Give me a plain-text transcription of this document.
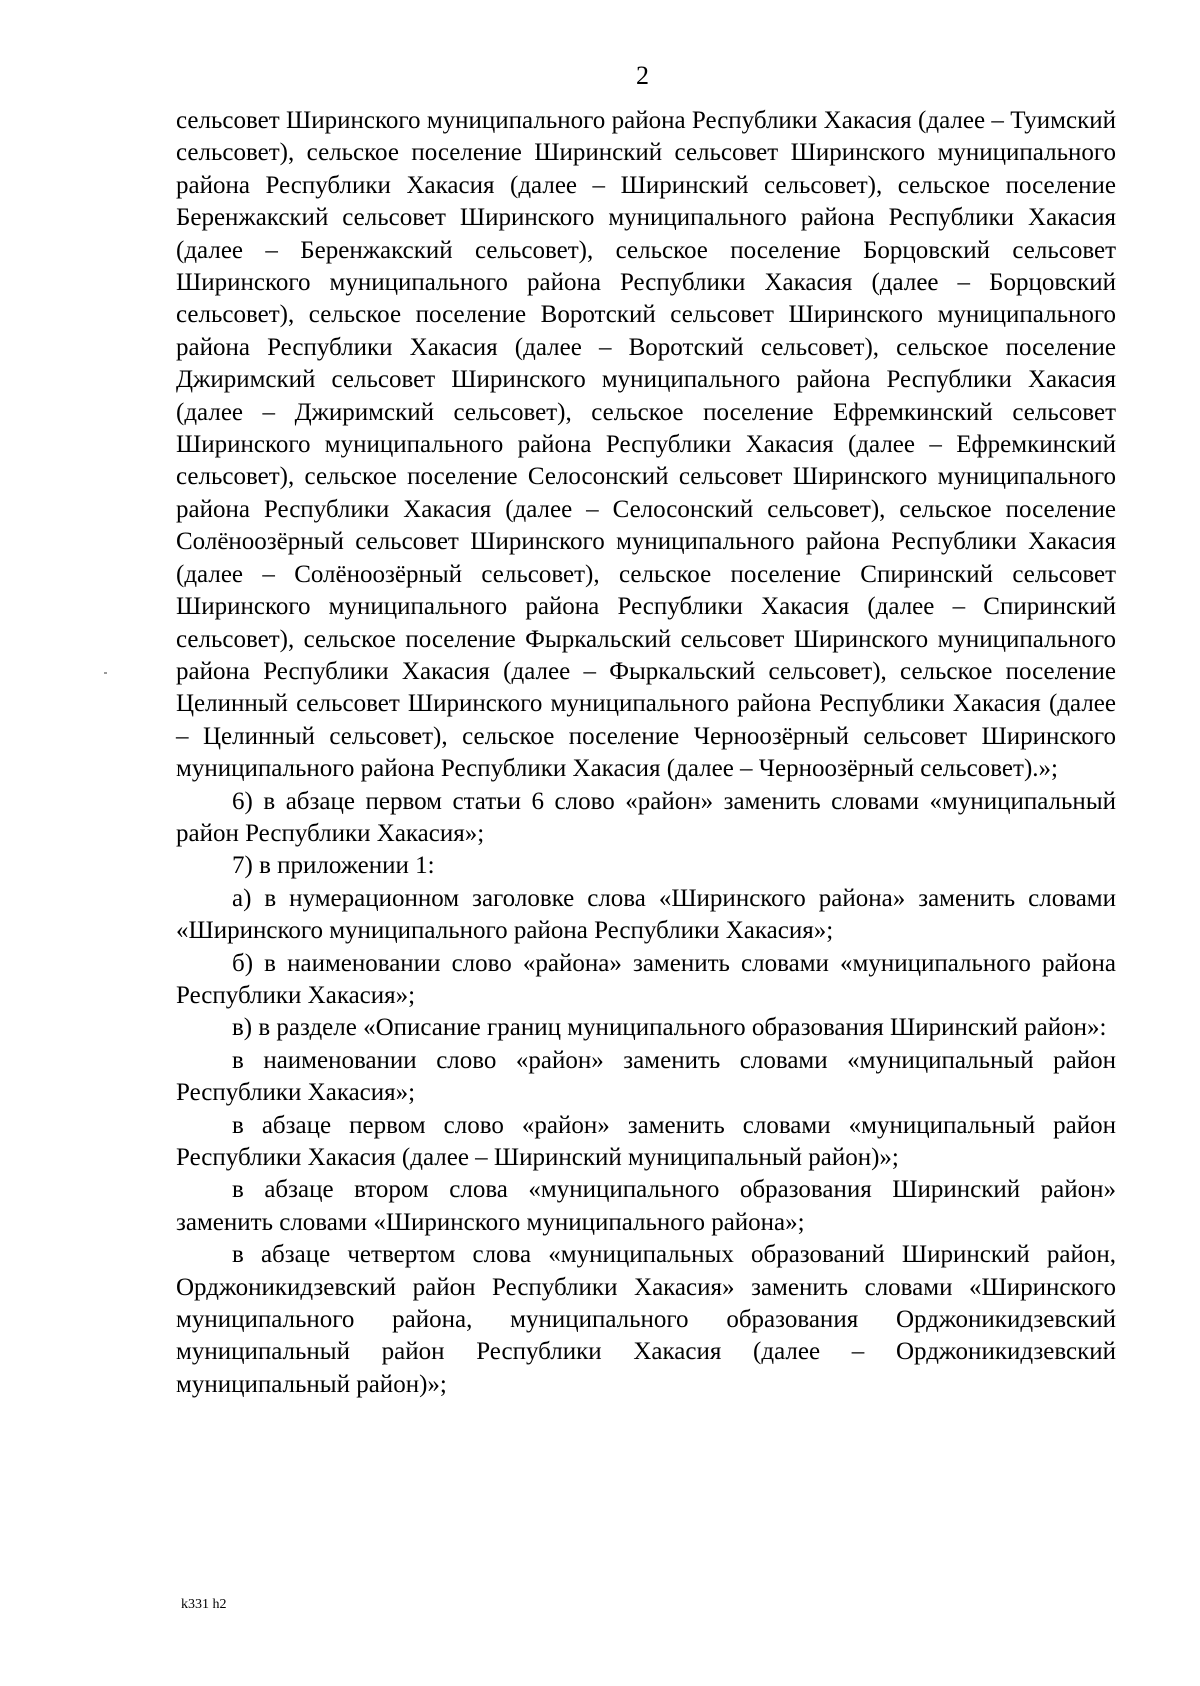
2

сельсовет Ширинского муниципального района Республики Хакасия (далее – Туимский сельсовет), сельское поселение Ширинский сельсовет Ширинского муниципального района Республики Хакасия (далее – Ширинский сельсовет), сельское поселение Беренжакский сельсовет Ширинского муниципального района Республики Хакасия (далее – Беренжакский сельсовет), сельское поселение Борцовский сельсовет Ширинского муниципального района Республики Хакасия (далее – Борцовский сельсовет), сельское поселение Воротский сельсовет Ширинского муниципального района Республики Хакасия (далее – Воротский сельсовет), сельское поселение Джиримский сельсовет Ширинского муниципального района Республики Хакасия (далее – Джиримский сельсовет), сельское поселение Ефремкинский сельсовет Ширинского муниципального района Республики Хакасия (далее – Ефремкинский сельсовет), сельское поселение Селосонский сельсовет Ширинского муниципального района Республики Хакасия (далее – Селосонский сельсовет), сельское поселение Солёноозёрный сельсовет Ширинского муниципального района Республики Хакасия (далее – Солёноозёрный сельсовет), сельское поселение Спиринский сельсовет Ширинского муниципального района Республики Хакасия (далее – Спиринский сельсовет), сельское поселение Фыркальский сельсовет Ширинского муниципального района Республики Хакасия (далее – Фыркальский сельсовет), сельское поселение Целинный сельсовет Ширинского муниципального района Республики Хакасия (далее – Целинный сельсовет), сельское поселение Черноозёрный сельсовет Ширинского муниципального района Республики Хакасия (далее – Черноозёрный сельсовет).»;

6) в абзаце первом статьи 6 слово «район» заменить словами «муниципальный район Республики Хакасия»;

7) в приложении 1:

а) в нумерационном заголовке слова «Ширинского района» заменить словами «Ширинского муниципального района Республики Хакасия»;

б) в наименовании слово «района» заменить словами «муниципального района Республики Хакасия»;

в) в разделе «Описание границ муниципального образования Ширинский район»:

в наименовании слово «район» заменить словами «муниципальный район Республики Хакасия»;

в абзаце первом слово «район» заменить словами «муниципальный район Республики Хакасия (далее – Ширинский муниципальный район)»;

в абзаце втором слова «муниципального образования Ширинский район» заменить словами «Ширинского муниципального района»;

в абзаце четвертом слова «муниципальных образований Ширинский район, Орджоникидзевский район Республики Хакасия» заменить словами «Ширинского муниципального района, муниципального образования Орджоникидзевский муниципальный район Республики Хакасия (далее – Орджоникидзевский муниципальный район)»;

k331 h2
